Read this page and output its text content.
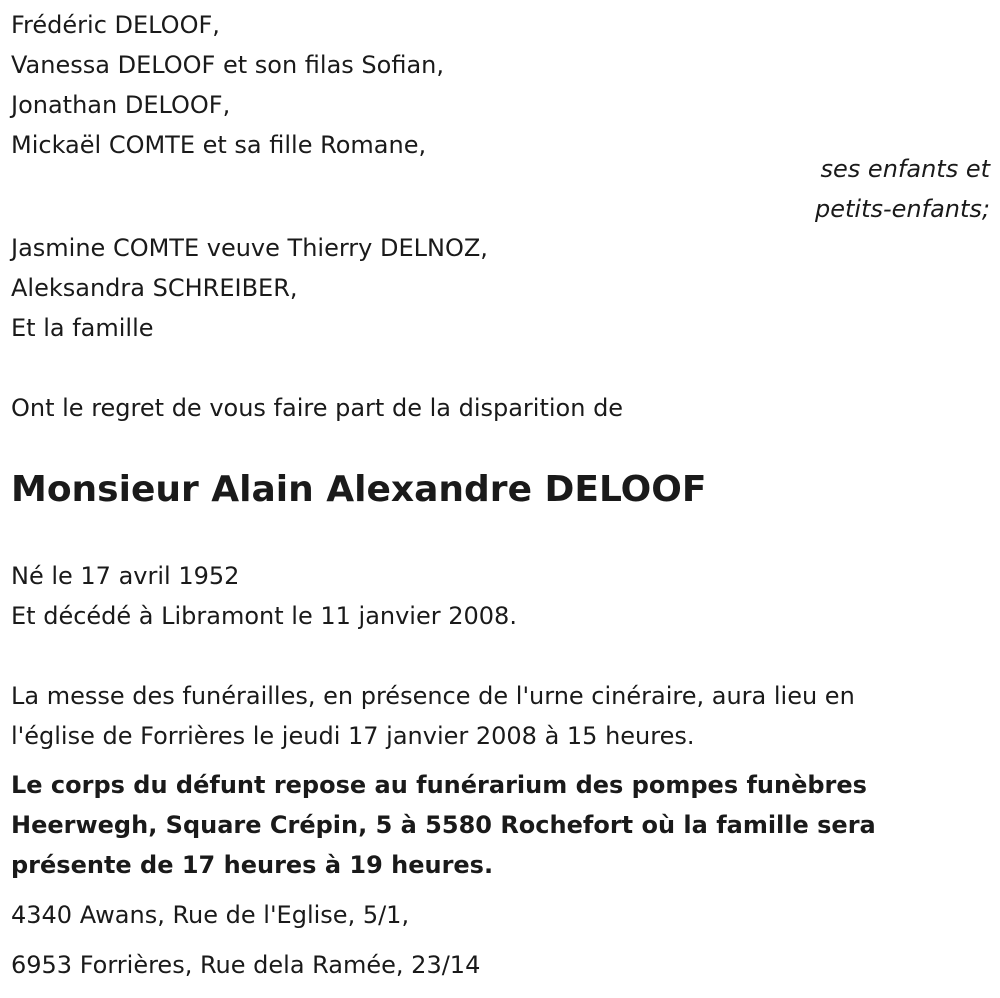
Frédéric DELOOF,
Vanessa DELOOF et son filas Sofian,
Jonathan DELOOF,
Mickaël COMTE et sa fille Romane,
ses enfants et
petits-enfants;
Jasmine COMTE veuve Thierry DELNOZ,
Aleksandra SCHREIBER,
Et la famille
Ont le regret de vous faire part de la disparition de
Monsieur Alain Alexandre DELOOF
Né le 17 avril 1952
Et décédé à Libramont le 11 janvier 2008.
La messe des funérailles, en présence de l'urne cinéraire, aura lieu en
l'église de Forrières le jeudi 17 janvier 2008 à 15 heures.
Le corps du défunt repose au funérarium des pompes funèbres
Heerwegh, Square Crépin, 5 à 5580 Rochefort où la famille sera
présente de 17 heures à 19 heures.
4340 Awans, Rue de l'Eglise, 5/1,
6953 Forrières, Rue dela Ramée, 23/14
